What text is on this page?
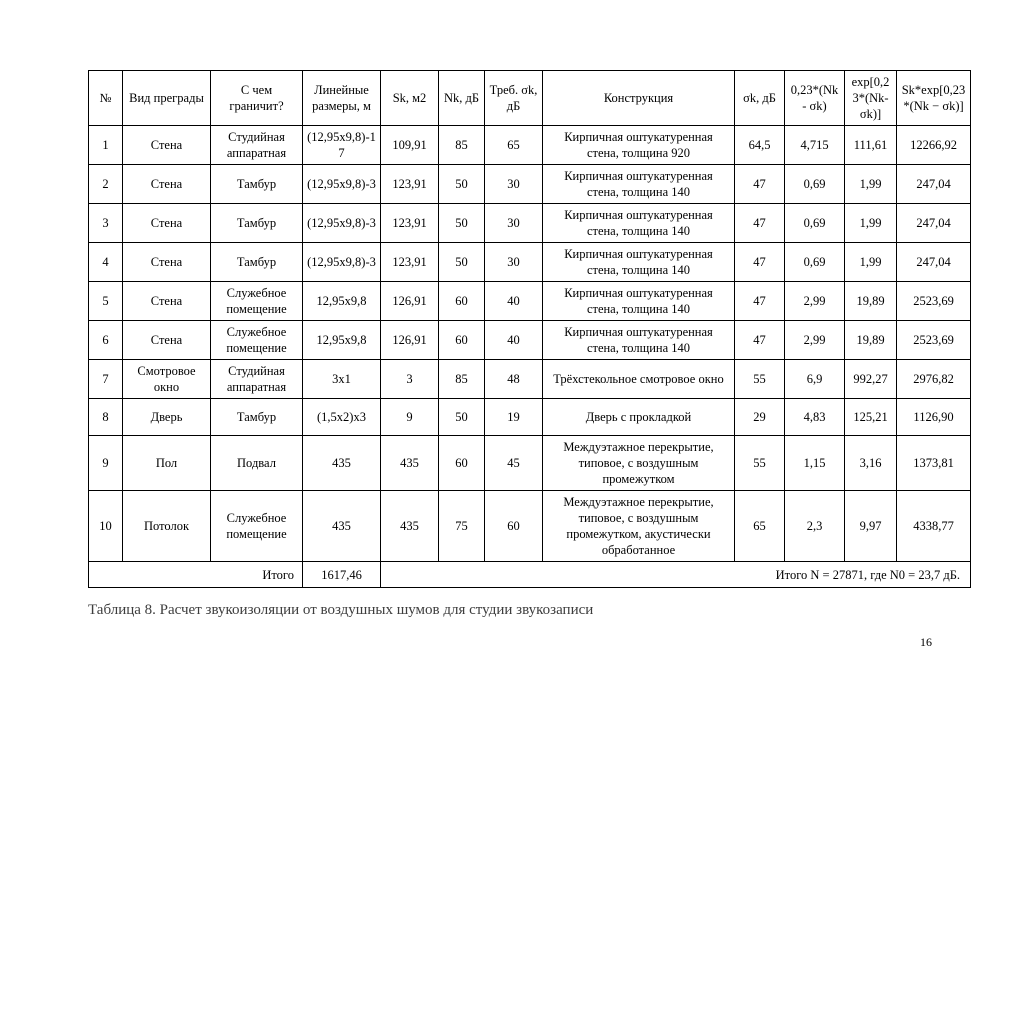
№	Вид преграды	С чем граничит?	Линейные размеры, м	Sk, м2	Nk, дБ	Треб. σk, дБ	Конструкция	σk, дБ	0,23*(Nk - σk)	exp[0,23*(Nk-σk)]	Sk*exp[0,23*(Nk − σk)]
1	Стена	Студийная аппаратная	(12,95х9,8)-17	109,91	85	65	Кирпичная оштукатуренная стена, толщина 920	64,5	4,715	111,61	12266,92
2	Стена	Тамбур	(12,95х9,8)-3	123,91	50	30	Кирпичная оштукатуренная стена, толщина 140	47	0,69	1,99	247,04
3	Стена	Тамбур	(12,95х9,8)-3	123,91	50	30	Кирпичная оштукатуренная стена, толщина 140	47	0,69	1,99	247,04
4	Стена	Тамбур	(12,95х9,8)-3	123,91	50	30	Кирпичная оштукатуренная стена, толщина 140	47	0,69	1,99	247,04
5	Стена	Служебное помещение	12,95х9,8	126,91	60	40	Кирпичная оштукатуренная стена, толщина 140	47	2,99	19,89	2523,69
6	Стена	Служебное помещение	12,95х9,8	126,91	60	40	Кирпичная оштукатуренная стена, толщина 140	47	2,99	19,89	2523,69
7	Смотровое окно	Студийная аппаратная	3х1	3	85	48	Трёхстекольное смотровое окно	55	6,9	992,27	2976,82
8	Дверь	Тамбур	(1,5х2)х3	9	50	19	Дверь с прокладкой	29	4,83	125,21	1126,90
9	Пол	Подвал	435	435	60	45	Междуэтажное перекрытие, типовое, с воздушным промежутком	55	1,15	3,16	1373,81
10	Потолок	Служебное помещение	435	435	75	60	Междуэтажное перекрытие, типовое, с воздушным промежутком, акустически обработанное	65	2,3	9,97	4338,77
Итого			1617,46	Итого N = 27871, где N0 = 23,7 дБ.							
Таблица 8. Расчет звукоизоляции от воздушных шумов для студии звукозаписи
16
